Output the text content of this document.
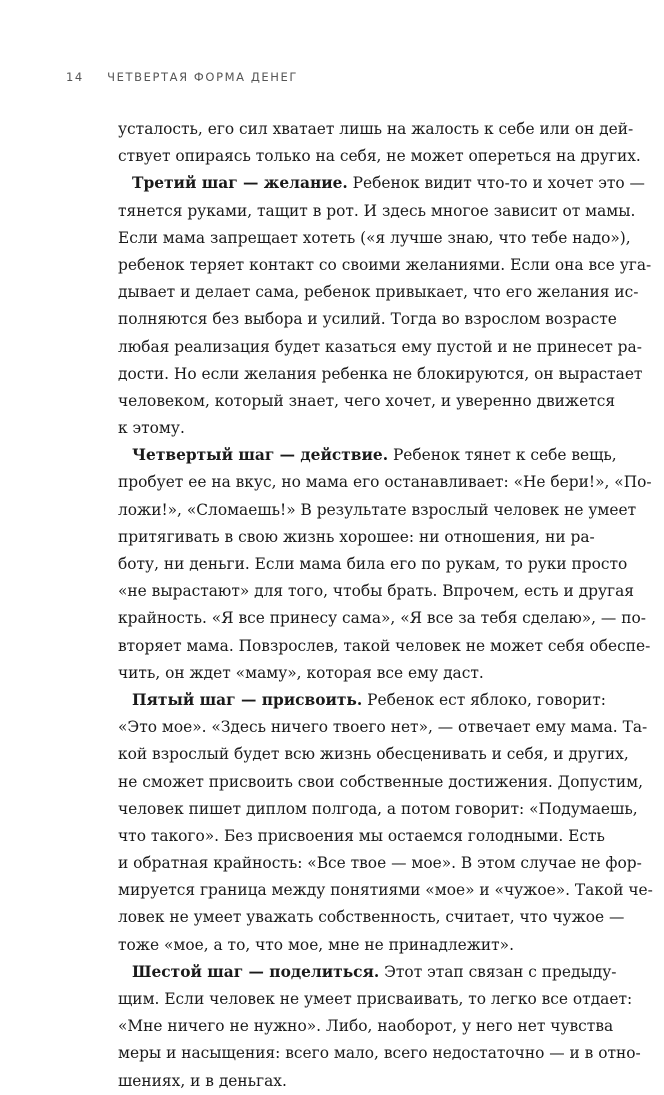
14 ЧЕТВЕРТАЯ ФОРМА ДЕНЕГ
усталость, его сил хватает лишь на жалость к себе или он дей-
ствует опираясь только на себя, не может опереться на других.
Третий шаг — желание. Ребенок видит что-то и хочет это —
тянется руками, тащит в рот. И здесь многое зависит от мамы.
Если мама запрещает хотеть («я лучше знаю, что тебе надо»),
ребенок теряет контакт со своими желаниями. Если она все уга-
дывает и делает сама, ребенок привыкает, что его желания ис-
полняются без выбора и усилий. Тогда во взрослом возрасте
любая реализация будет казаться ему пустой и не принесет ра-
дости. Но если желания ребенка не блокируются, он вырастает
человеком, который знает, чего хочет, и уверенно движется
к этому.
Четвертый шаг — действие. Ребенок тянет к себе вещь,
пробует ее на вкус, но мама его останавливает: «Не бери!», «По-
ложи!», «Сломаешь!» В результате взрослый человек не умеет
притягивать в свою жизнь хорошее: ни отношения, ни ра-
боту, ни деньги. Если мама била его по рукам, то руки просто
«не вырастают» для того, чтобы брать. Впрочем, есть и другая
крайность. «Я все принесу сама», «Я все за тебя сделаю», — по-
вторяет мама. Повзрослев, такой человек не может себя обеспе-
чить, он ждет «маму», которая все ему даст.
Пятый шаг — присвоить. Ребенок ест яблоко, говорит:
«Это мое». «Здесь ничего твоего нет», — отвечает ему мама. Та-
кой взрослый будет всю жизнь обесценивать и себя, и других,
не сможет присвоить свои собственные достижения. Допустим,
человек пишет диплом полгода, а потом говорит: «Подумаешь,
что такого». Без присвоения мы остаемся голодными. Есть
и обратная крайность: «Все твое — мое». В этом случае не фор-
мируется граница между понятиями «мое» и «чужое». Такой че-
ловек не умеет уважать собственность, считает, что чужое —
тоже «мое, а то, что мое, мне не принадлежит».
Шестой шаг — поделиться. Этот этап связан с предыду-
щим. Если человек не умеет присваивать, то легко все отдает:
«Мне ничего не нужно». Либо, наоборот, у него нет чувства
меры и насыщения: всего мало, всего недостаточно — и в отно-
шениях, и в деньгах.
